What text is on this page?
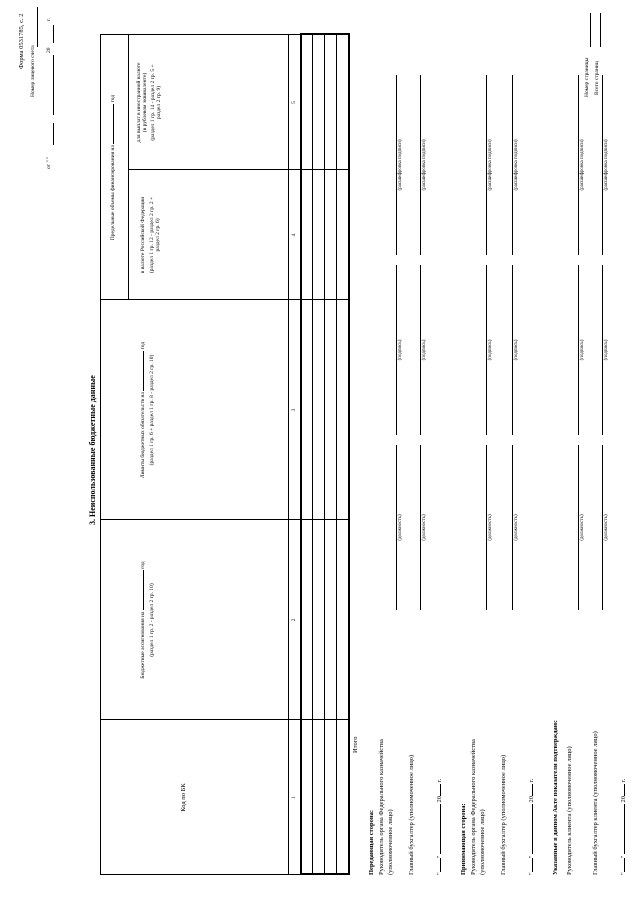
Форма 0531785, с. 2
Номер лицевого счета
от " "
20
г.
3. Неиспользованные бюджетные данные
Код по БК
Бюджетные ассигнования на  год
(раздел 1 гр. 2 - раздел 2 гр. 10)
Лимиты бюджетных обязательств на  год
(раздел 1 гр. 6 + раздел 1 гр. 8 - раздел 2 гр. 10)
Предельные объемы финансирования на  год
в валюте Российской Федерации (раздел 1 гр. 12 - раздел 2 гр. 2 + раздел 2 гр. 6)
для выплат в иностранной валюте (в рублевом эквиваленте) (раздел 1 гр. 14 - раздел 2 гр. 5 + раздел 2 гр. 9)
1
2
3
4
5
Итого
Передающая сторона: Руководитель органа Федерального казначейства (уполномоченное лицо)
(должность)
(подпись)
(расшифровка подписи)
Главный бухгалтер (уполномоченное лицо)
(должность)
(подпись)
(расшифровка подписи)
""  20 г.
Принимающая сторона: Руководитель органа Федерального казначейства (уполномоченное лицо)
(должность)
(подпись)
(расшифровка подписи)
Главный бухгалтер (уполномоченное лицо)
(должность)
(подпись)
(расшифровка подписи)
""  20 г.	Указанные в данном Акте показатели подтверждаю: Руководитель клиента (уполномоченное лицо)
(должность)
(подпись)
(расшифровка подписи)
Главный бухгалтер клиента (уполномоченное лицо)
(должность)
(подпись)
(расшифровка подписи)
""  20 г.
Номер страницы Всего страниц
